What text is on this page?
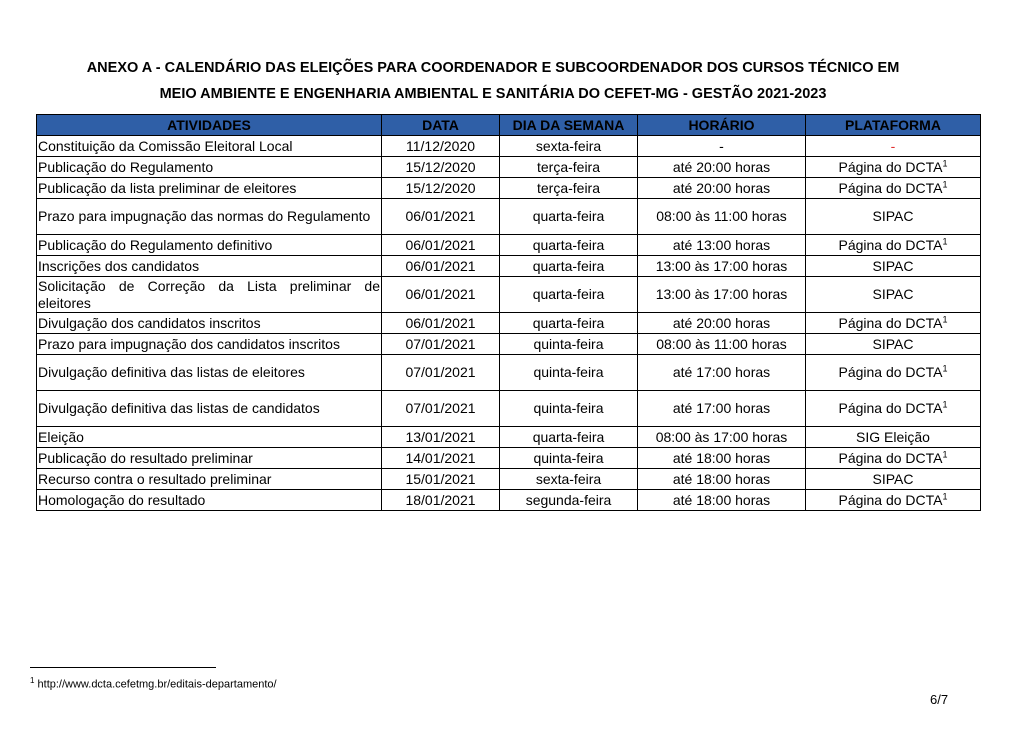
ANEXO A - CALENDÁRIO DAS ELEIÇÕES PARA COORDENADOR E SUBCOORDENADOR DOS CURSOS TÉCNICO EM
MEIO AMBIENTE E ENGENHARIA AMBIENTAL E SANITÁRIA DO CEFET-MG - GESTÃO 2021-2023
ATIVIDADES	DATA	DIA DA SEMANA	HORÁRIO	PLATAFORMA
Constituição da Comissão Eleitoral Local	11/12/2020	sexta-feira	-	-
Publicação do Regulamento	15/12/2020	terça-feira	até 20:00 horas	Página do DCTA$^1$
Publicação da lista preliminar de eleitores	15/12/2020	terça-feira	até 20:00 horas	Página do DCTA$^1$
Prazo para impugnação das normas do Regulamento	06/01/2021	quarta-feira	08:00 às 11:00 horas	SIPAC
Publicação do Regulamento definitivo	06/01/2021	quarta-feira	até 13:00 horas	Página do DCTA$^1$
Inscrições dos candidatos	06/01/2021	quarta-feira	13:00 às 17:00 horas	SIPAC
Solicitação de Correção da Lista preliminar de eleitores	06/01/2021	quarta-feira	13:00 às 17:00 horas	SIPAC
Divulgação dos candidatos inscritos	06/01/2021	quarta-feira	até 20:00 horas	Página do DCTA$^1$
Prazo para impugnação dos candidatos inscritos	07/01/2021	quinta-feira	08:00 às 11:00 horas	SIPAC
Divulgação definitiva das listas de eleitores	07/01/2021	quinta-feira	até 17:00 horas	Página do DCTA$^1$
Divulgação definitiva das listas de candidatos	07/01/2021	quinta-feira	até 17:00 horas	Página do DCTA$^1$
Eleição	13/01/2021	quarta-feira	08:00 às 17:00 horas	SIG Eleição
Publicação do resultado preliminar	14/01/2021	quinta-feira	até 18:00 horas	Página do DCTA$^1$
Recurso contra o resultado preliminar	15/01/2021	sexta-feira	até 18:00 horas	SIPAC
Homologação do resultado	18/01/2021	segunda-feira	até 18:00 horas	Página do DCTA$^1$
$^1$ http://www.dcta.cefetmg.br/editais-departamento/
6/7
